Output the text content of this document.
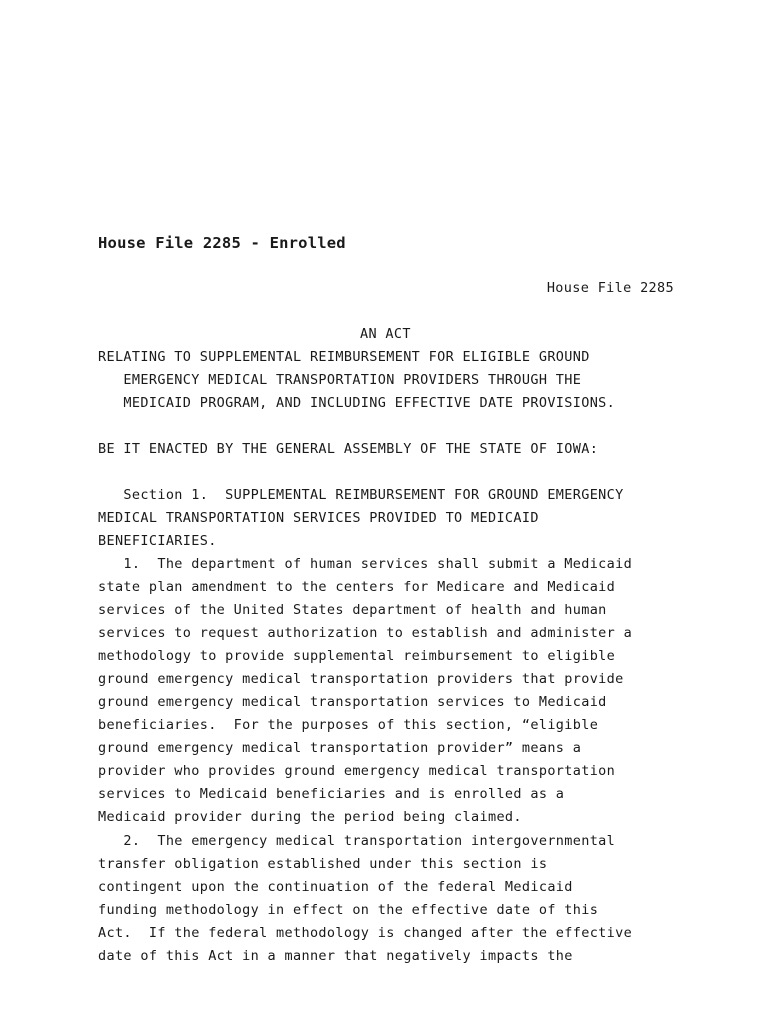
House File 2285 - Enrolled
House File 2285
AN ACT
RELATING TO SUPPLEMENTAL REIMBURSEMENT FOR ELIGIBLE GROUND
EMERGENCY MEDICAL TRANSPORTATION PROVIDERS THROUGH THE
MEDICAID PROGRAM, AND INCLUDING EFFECTIVE DATE PROVISIONS.
BE IT ENACTED BY THE GENERAL ASSEMBLY OF THE STATE OF IOWA:
Section 1.  SUPPLEMENTAL REIMBURSEMENT FOR GROUND EMERGENCY
MEDICAL TRANSPORTATION SERVICES PROVIDED TO MEDICAID
BENEFICIARIES.
1.  The department of human services shall submit a Medicaid
state plan amendment to the centers for Medicare and Medicaid
services of the United States department of health and human
services to request authorization to establish and administer a
methodology to provide supplemental reimbursement to eligible
ground emergency medical transportation providers that provide
ground emergency medical transportation services to Medicaid
beneficiaries.  For the purposes of this section, “eligible
ground emergency medical transportation provider” means a
provider who provides ground emergency medical transportation
services to Medicaid beneficiaries and is enrolled as a
Medicaid provider during the period being claimed.
2.  The emergency medical transportation intergovernmental
transfer obligation established under this section is
contingent upon the continuation of the federal Medicaid
funding methodology in effect on the effective date of this
Act.  If the federal methodology is changed after the effective
date of this Act in a manner that negatively impacts the
